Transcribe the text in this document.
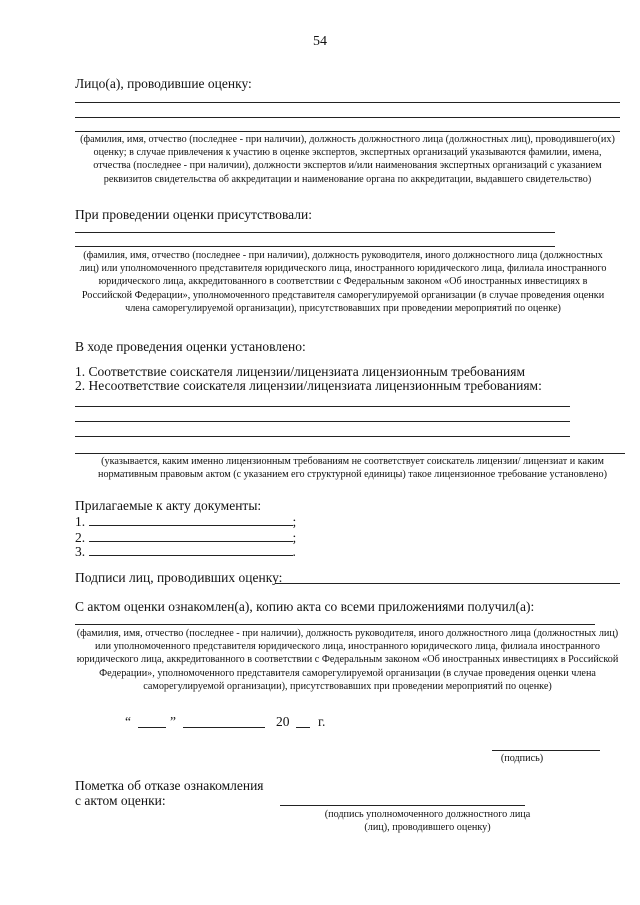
54
Лицо(а), проводившие оценку:
(фамилия, имя, отчество (последнее - при наличии), должность должностного лица (должностных лиц), проводившего(их) оценку; в случае привлечения к участию в оценке экспертов, экспертных организаций указываются фамилии, имена, отчества (последнее - при наличии), должности экспертов и/или наименования экспертных организаций с указанием реквизитов свидетельства об аккредитации и наименование органа по аккредитации, выдавшего свидетельство)
При проведении оценки присутствовали:
(фамилия, имя, отчество (последнее - при наличии), должность руководителя, иного должностного лица (должностных лиц) или уполномоченного представителя юридического лица, иностранного юридического лица, филиала иностранного юридического лица, аккредитованного в соответствии с Федеральным законом «Об иностранных инвестициях в Российской Федерации», уполномоченного представителя саморегулируемой организации (в случае проведения оценки члена саморегулируемой организации), присутствовавших при проведении мероприятий по оценке)
В ходе проведения оценки установлено:
1. Соответствие соискателя лицензии/лицензиата лицензионным требованиям
2. Несоответствие соискателя лицензии/лицензиата лицензионным требованиям:
(указывается, каким именно лицензионным требованиям не соответствует соискатель лицензии/ лицензиат и каким нормативным правовым актом (с указанием его структурной единицы) такое лицензионное требование установлено)
Прилагаемые к акту документы:
1.	;
2.	;
3.	.
Подписи лиц, проводивших оценку:
С актом оценки ознакомлен(а), копию акта со всеми приложениями получил(а):
(фамилия, имя, отчество (последнее - при наличии), должность руководителя, иного должностного лица (должностных лиц) или уполномоченного представителя юридического лица, иностранного юридического лица, филиала иностранного юридического лица, аккредитованного в соответствии с Федеральным законом «Об иностранных инвестициях в Российской Федерации», уполномоченного представителя саморегулируемой организации (в случае проведения оценки члена саморегулируемой организации), присутствовавших при проведении мероприятий по оценке)
“	”	20 г.
(подпись)
Пометка об отказе ознакомления
с актом оценки:
(подпись уполномоченного должностного лица (лиц), проводившего оценку)
